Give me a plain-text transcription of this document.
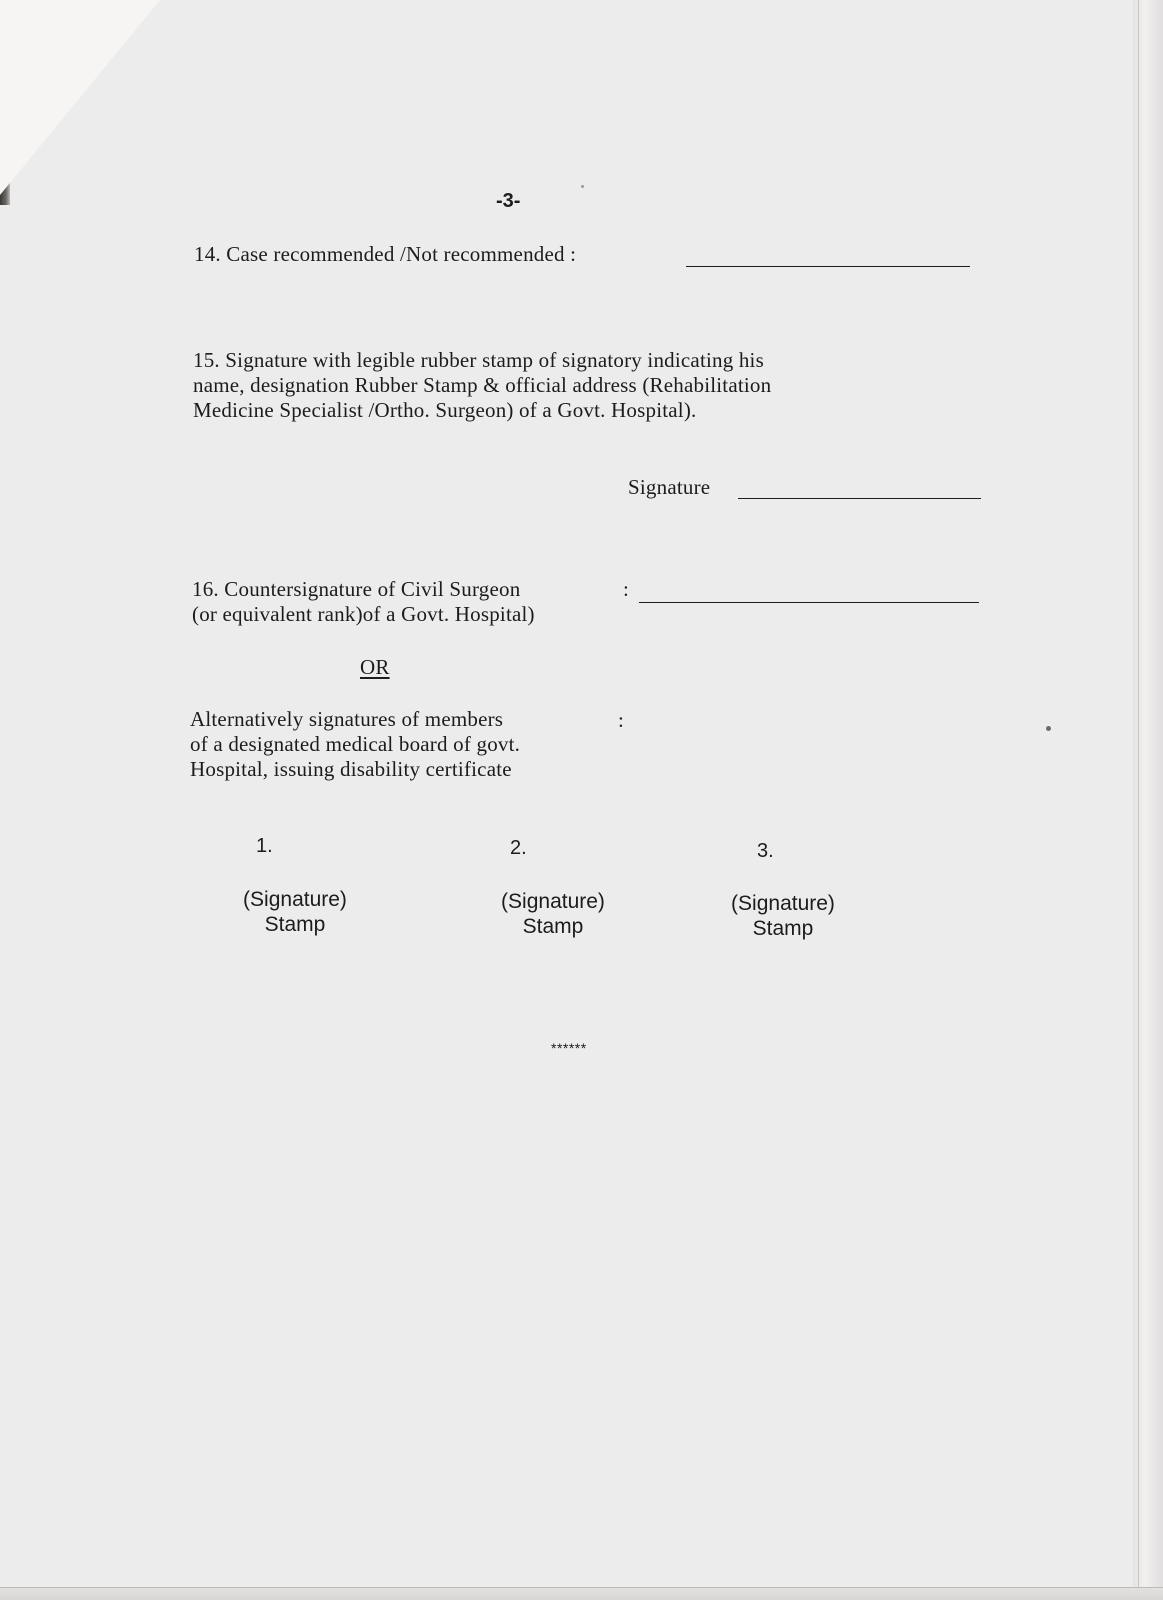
-3-
14. Case recommended /Not recommended :
15. Signature with legible rubber stamp of signatory indicating his
name, designation Rubber Stamp & official address (Rehabilitation
Medicine Specialist /Ortho. Surgeon) of a Govt. Hospital).
Signature
16. Countersignature of Civil Surgeon
(or equivalent rank)of a Govt. Hospital)
:
OR
Alternatively signatures of members
of a designated medical board of govt.
Hospital, issuing disability certificate
:
1.	2.	3.
(Signature)
Stamp
(Signature)
Stamp
(Signature)
Stamp
******
